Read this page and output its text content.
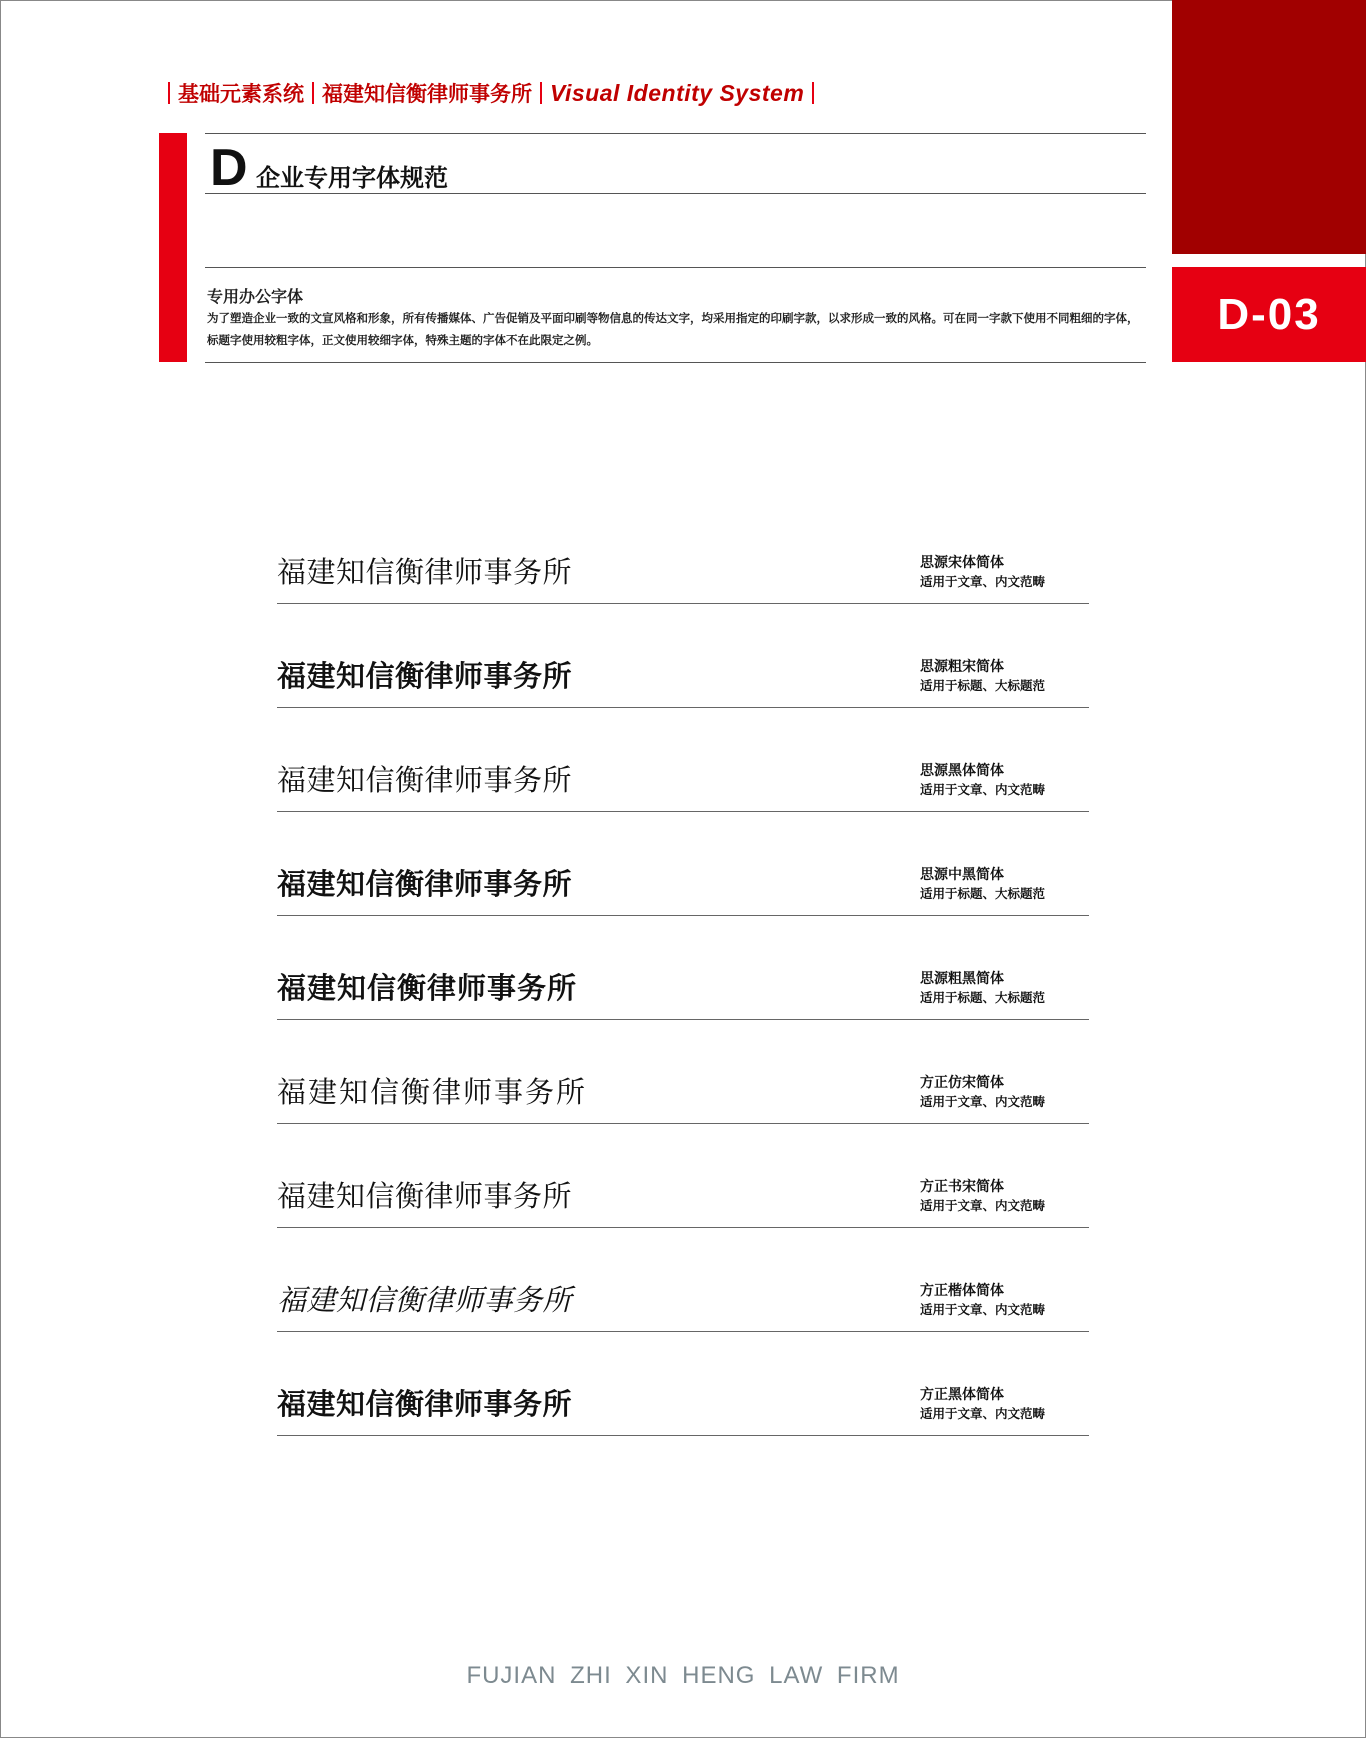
D-03
基础元素系统 福建知信衡律师事务所 Visual Identity System
D 企业专用字体规范
专用办公字体
为了塑造企业一致的文宣风格和形象，所有传播媒体、广告促销及平面印刷等物信息的传达文字，均采用指定的印刷字款，以求形成一致的风格。可在同一字款下使用不同粗细的字体，标题字使用较粗字体，正文使用较细字体，特殊主题的字体不在此限定之例。
福建知信衡律师事务所	思源宋体简体
适用于文章、内文范畴
福建知信衡律师事务所	思源粗宋简体
适用于标题、大标题范
福建知信衡律师事务所	思源黑体简体
适用于文章、内文范畴
福建知信衡律师事务所	思源中黑简体
适用于标题、大标题范
福建知信衡律师事务所	思源粗黑简体
适用于标题、大标题范
福建知信衡律师事务所	方正仿宋简体
适用于文章、内文范畴
福建知信衡律师事务所	方正书宋简体
适用于文章、内文范畴
福建知信衡律师事务所	方正楷体简体
适用于文章、内文范畴
福建知信衡律师事务所	方正黑体简体
适用于文章、内文范畴
FUJIAN ZHI XIN HENG LAW FIRM
